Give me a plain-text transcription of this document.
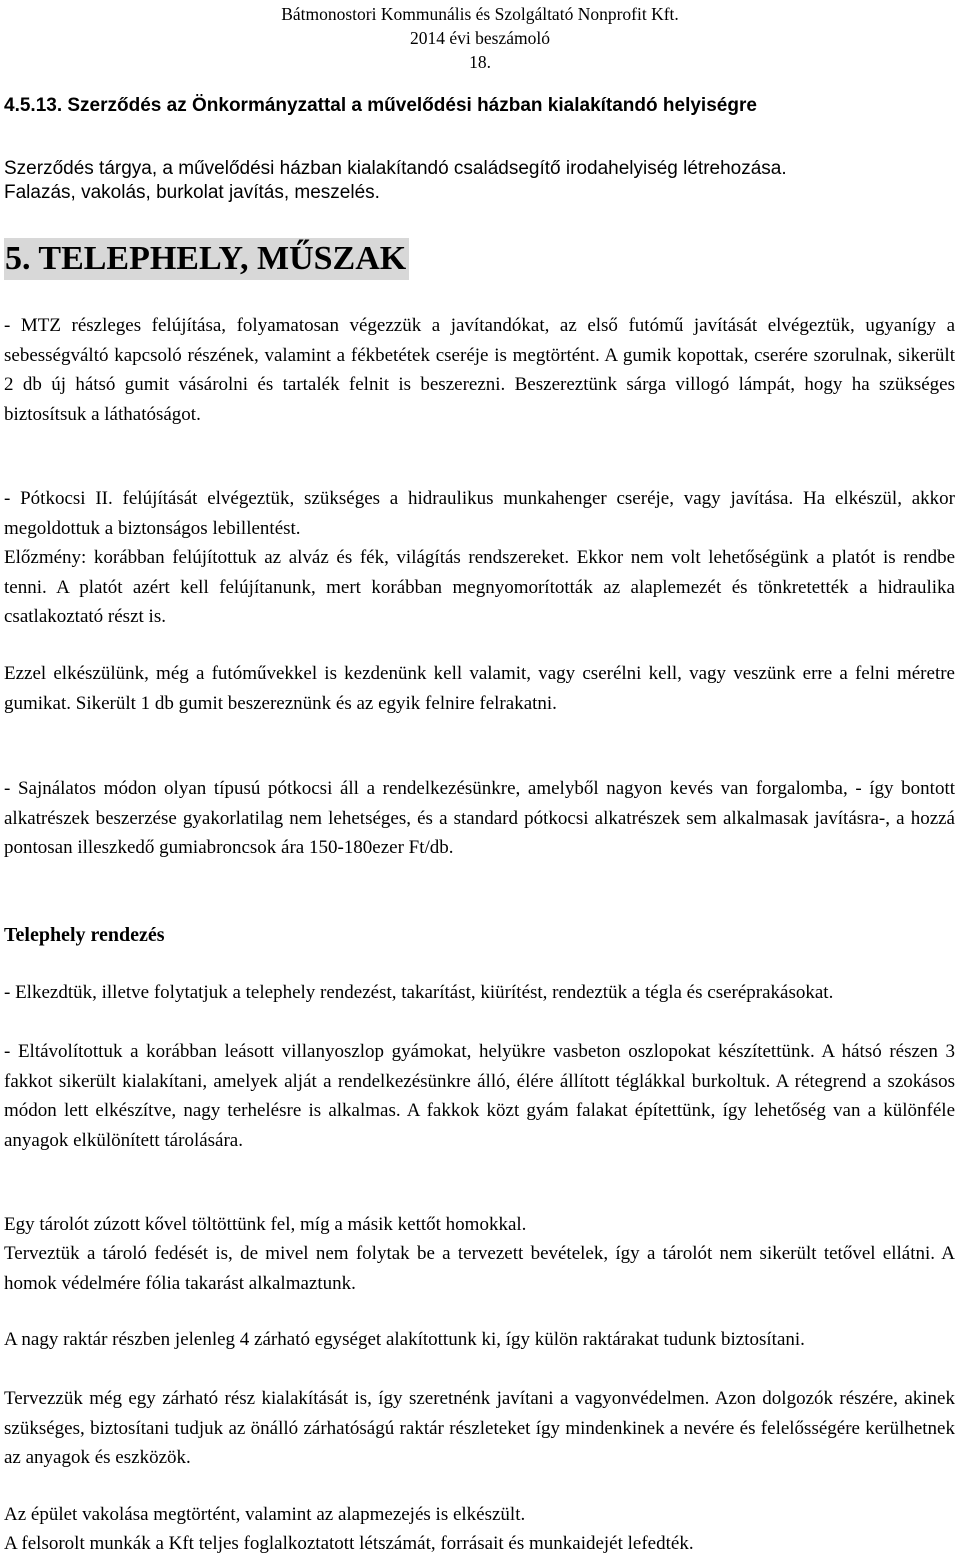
Bátmonostori Kommunális és Szolgáltató Nonprofit Kft.
2014 évi beszámoló
18.
4.5.13. Szerződés az Önkormányzattal a művelődési házban kialakítandó helyiségre
Szerződés tárgya, a művelődési házban kialakítandó családsegítő irodahelyiség létrehozása.
Falazás, vakolás, burkolat javítás, meszelés.
5. TELEPHELY, MŰSZAK

- MTZ részleges felújítása, folyamatosan végezzük a javítandókat, az első futómű javítását elvégeztük, ugyanígy a sebességváltó kapcsoló részének, valamint a fékbetétek cseréje is megtörtént. A gumik kopottak, cserére szorulnak, sikerült 2 db új hátsó gumit vásárolni és tartalék felnit is beszerezni. Beszereztünk sárga villogó lámpát, hogy ha szükséges biztosítsuk a láthatóságot.

- Pótkocsi II. felújítását elvégeztük, szükséges a hidraulikus munkahenger cseréje, vagy javítása. Ha elkészül, akkor megoldottuk a biztonságos lebillentést.

Előzmény: korábban felújítottuk az alváz és fék, világítás rendszereket. Ekkor nem volt lehetőségünk a platót is rendbe tenni. A platót azért kell felújítanunk, mert korábban megnyomorították az alaplemezét és tönkretették a hidraulika csatlakoztató részt is.

Ezzel elkészülünk, még a futóművekkel is kezdenünk kell valamit, vagy cserélni kell, vagy veszünk erre a felni méretre gumikat. Sikerült 1 db gumit beszereznünk és az egyik felnire felrakatni.

- Sajnálatos módon olyan típusú pótkocsi áll a rendelkezésünkre, amelyből nagyon kevés van forgalomba, - így bontott alkatrészek beszerzése gyakorlatilag nem lehetséges, és a standard pótkocsi alkatrészek sem alkalmasak javításra-, a hozzá pontosan illeszkedő gumiabroncsok ára 150-180ezer Ft/db.

Telephely rendezés

- Elkezdtük, illetve folytatjuk a telephely rendezést, takarítást, kiürítést, rendeztük a tégla és cseréprakásokat.

- Eltávolítottuk a korábban leásott villanyoszlop gyámokat, helyükre vasbeton oszlopokat készítettünk. A hátsó részen 3 fakkot sikerült kialakítani, amelyek alját a rendelkezésünkre álló, élére állított téglákkal burkoltuk. A rétegrend a szokásos módon lett elkészítve, nagy terhelésre is alkalmas. A fakkok közt gyám falakat építettünk, így lehetőség van a különféle anyagok elkülönített tárolására.

Egy tárolót zúzott kővel töltöttünk fel, míg a másik kettőt homokkal.

Terveztük a tároló fedését is, de mivel nem folytak be a tervezett bevételek, így a tárolót nem sikerült tetővel ellátni. A homok védelmére fólia takarást alkalmaztunk.

A nagy raktár részben jelenleg 4 zárható egységet alakítottunk ki, így külön raktárakat tudunk biztosítani.

Tervezzük még egy zárható rész kialakítását is, így szeretnénk javítani a vagyonvédelmen. Azon dolgozók részére, akinek szükséges, biztosítani tudjuk az önálló zárhatóságú raktár részleteket így mindenkinek a nevére és felelősségére kerülhetnek az anyagok és eszközök.

Az épület vakolása megtörtént, valamint az alapmezejés is elkészült.

A felsorolt munkák a Kft teljes foglalkoztatott létszámát, forrásait és munkaidejét lefedték.
